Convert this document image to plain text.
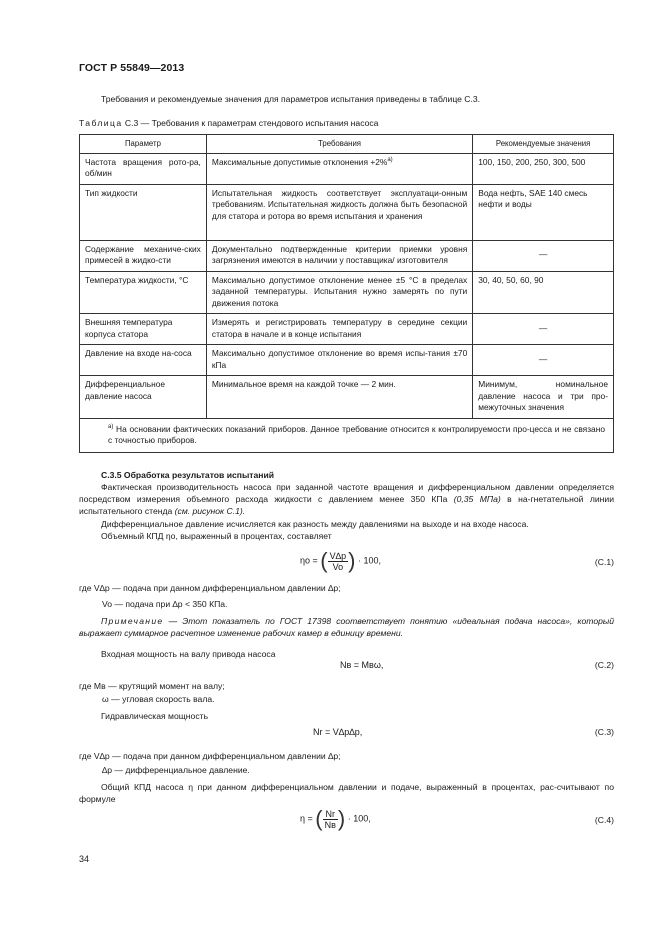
ГОСТ Р 55849—2013
Требования и рекомендуемые значения для параметров испытания приведены в таблице С.3.
Таблица С.3 — Требования к параметрам стендового испытания насоса
Параметр	Требования	Рекомендуемые значения
Частота вращения рото-ра, об/мин	Максимальные допустимые отклонения +2%$^{а)}$	100, 150, 200, 250, 300, 500
Тип жидкости	Испытательная жидкость соответствует эксплуатаци-онным требованиям. Испытательная жидкость должна быть безопасной для статора и ротора во время испытания и хранения	Вода нефть, SAE 140 смесь нефти и воды
Содержание механиче-ских примесей в жидко-сти	Документально подтвержденные критерии приемки уровня загрязнения имеются в наличии у поставщика/ изготовителя	—
Температура жидкости, °С	Максимально допустимое отклонение менее ±5 °С в пределах заданной температуры. Испытания нужно замерять по пути движения потока	30, 40, 50, 60, 90
Внешняя температура корпуса статора	Измерять и регистрировать температуру в середине секции статора в начале и в конце испытания	—
Давление на входе на-coca	Максимально допустимое отклонение во время испы-тания ±70 кПа	—
Дифференциальное давление насоса	Минимальное время на каждой точке — 2 мин.	Минимум, номинальное давление насоса и три про-межуточных значения
$^{а)}$ На основании фактических показаний приборов. Данное требование относится к контролируемости про-цесса и не связано с точностью приборов.		
С.3.5 Обработка результатов испытаний
Фактическая производительность насоса при заданной частоте вращения и дифференциальном давлении определяется посредством измерения объемного расхода жидкости с давлением менее 350 КПа (0,35 МПа) в на-гнетательной линии испытательного стенда (см. рисунок С.1).
Дифференциальное давление исчисляется как разность между давлениями на выходе и на входе насоса.
Объемный КПД ηo, выраженный в процентах, составляет
ηo = ( $\frac{V\Delta p}{Vo}$ ) · 100,	(С.1)
где V∆p — подача при данном дифференциальном давлении ∆p;
Vo — подача при ∆p < 350 КПа.
Примечание — Этот показатель по ГОСТ 17398 соответствует понятию «идеальная подача насоса», который выражает суммарное расчетное изменение рабочих камер в единицу времени.
Входная мощность на валу привода насоса
Nв = Мвω,	(С.2)
где Мв — крутящий момент на валу;
ω — угловая скорость вала.
Гидравлическая мощность
Nr = V∆p∆p,	(С.3)
где V∆p — подача при данном дифференциальном давлении ∆p;
∆p — дифференциальное давление.
Общий КПД насоса η при данном дифференциальном давлении и подаче, выраженный в процентах, рас-считывают по формуле
η = ( $\frac{Nr}{Nв}$ ) · 100,	(С.4)
34
